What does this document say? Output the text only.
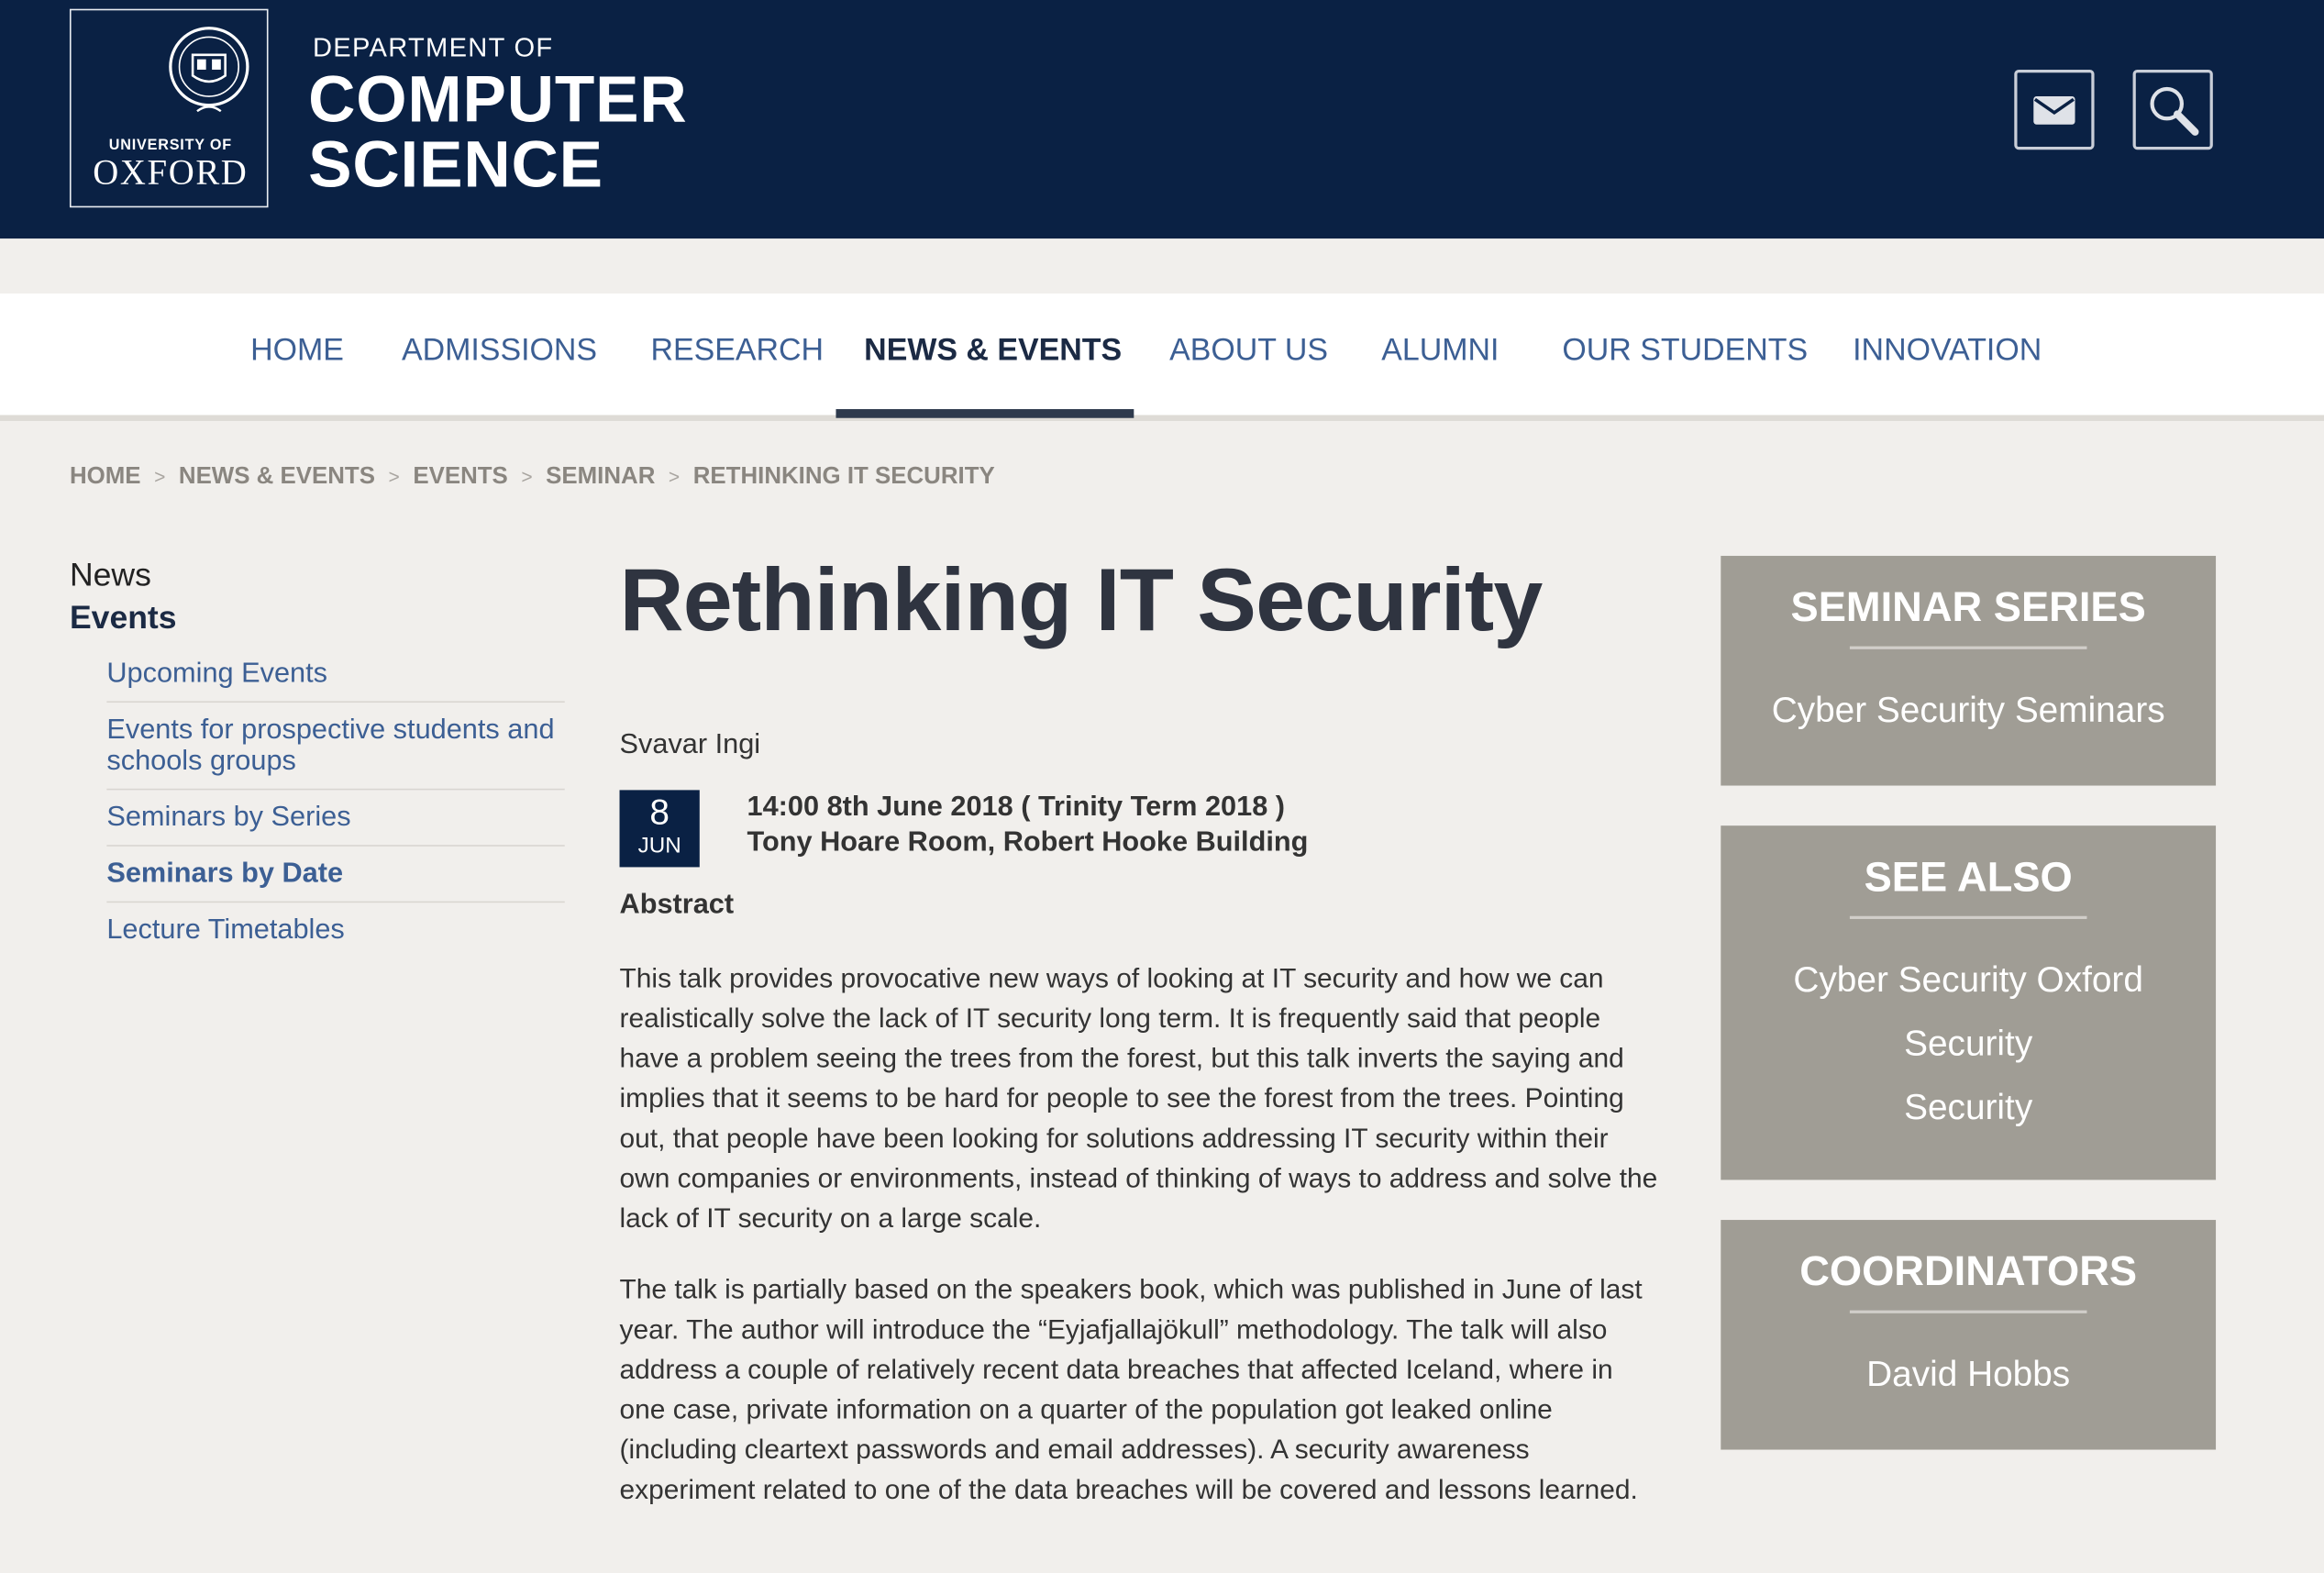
UNIVERSITY OF
OXFORD
DEPARTMENT OF
COMPUTER
SCIENCE
HOME	ADMISSIONS	RESEARCH NEWS & EVENTS ABOUT US	ALUMNI	OUR STUDENTS INNOVATION
HOME > NEWS & EVENTS > EVENTS > SEMINAR > RETHINKING IT SECURITY
News
Events
Upcoming Events
Events for prospective students and schools groups
Seminars by Series
Seminars by Date
Lecture Timetables
Rethinking IT Security
Svavar Ingi
8
JUN
14:00 8th June 2018 ( Trinity Term 2018 )
Tony Hoare Room, Robert Hooke Building
Abstract

This talk provides provocative new ways of looking at IT security and how we can realistically solve the lack of IT security long term. It is frequently said that people have a problem seeing the trees from the forest, but this talk inverts the saying and implies that it seems to be hard for people to see the forest from the trees. Pointing out, that people have been looking for solutions addressing IT security within their own companies or environments, instead of thinking of ways to address and solve the lack of IT security on a large scale.

The talk is partially based on the speakers book, which was published in June of last year. The author will introduce the “Eyjafjallajökull” methodology. The talk will also address a couple of relatively recent data breaches that affected Iceland, where in one case, private information on a quarter of the population got leaked online (including cleartext passwords and email addresses). A security awareness experiment related to one of the data breaches will be covered and lessons learned.

SEMINAR SERIES
Cyber Security Seminars
SEE ALSO
Cyber Security Oxford
Security
Security
COORDINATORS
David Hobbs
